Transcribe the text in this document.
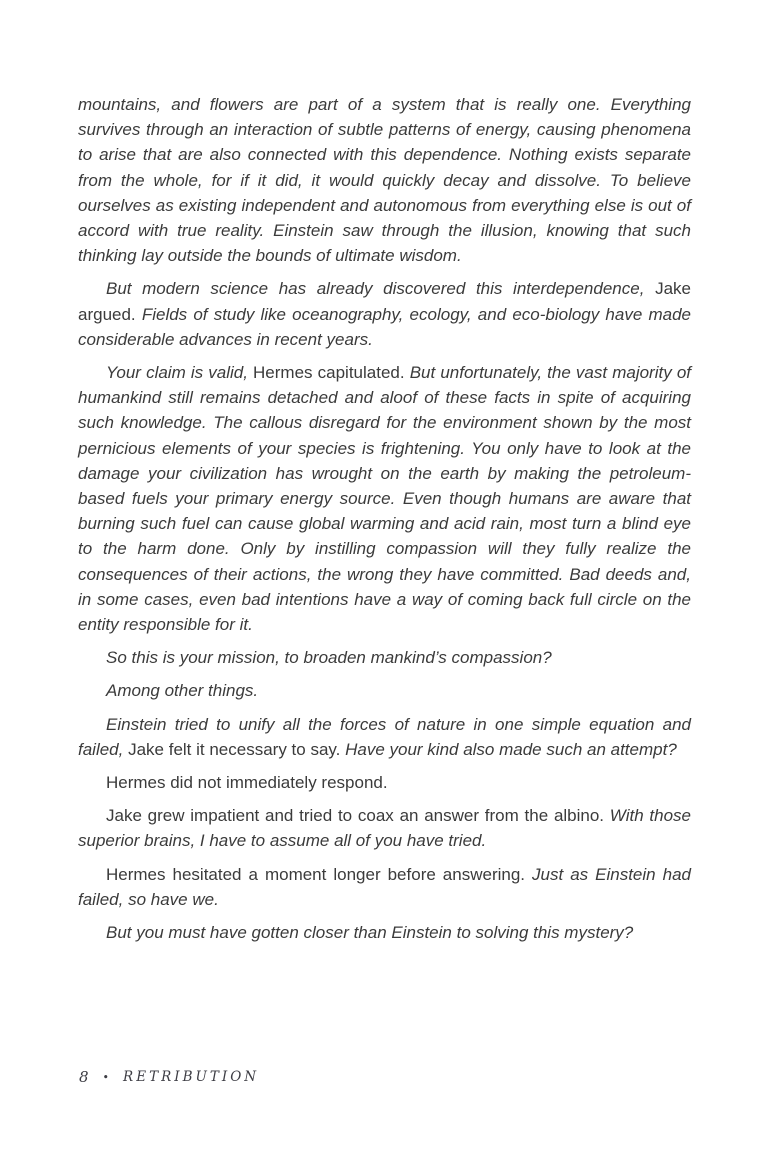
mountains, and flowers are part of a system that is really one. Everything survives through an interaction of subtle patterns of energy, causing phenomena to arise that are also connected with this dependence. Nothing exists separate from the whole, for if it did, it would quickly decay and dissolve. To believe ourselves as existing independent and autonomous from everything else is out of accord with true reality. Einstein saw through the illusion, knowing that such thinking lay outside the bounds of ultimate wisdom.

But modern science has already discovered this interdependence, Jake argued. Fields of study like oceanography, ecology, and eco-biology have made considerable advances in recent years.

Your claim is valid, Hermes capitulated. But unfortunately, the vast majority of humankind still remains detached and aloof of these facts in spite of acquiring such knowledge. The callous disregard for the environment shown by the most pernicious elements of your species is frightening. You only have to look at the damage your civilization has wrought on the earth by making the petroleum-based fuels your primary energy source. Even though humans are aware that burning such fuel can cause global warming and acid rain, most turn a blind eye to the harm done. Only by instilling compassion will they fully realize the consequences of their actions, the wrong they have committed. Bad deeds and, in some cases, even bad intentions have a way of coming back full circle on the entity responsible for it.

So this is your mission, to broaden mankind’s compassion?

Among other things.

Einstein tried to unify all the forces of nature in one simple equation and failed, Jake felt it necessary to say. Have your kind also made such an attempt?

Hermes did not immediately respond.

Jake grew impatient and tried to coax an answer from the albino. With those superior brains, I have to assume all of you have tried.

Hermes hesitated a moment longer before answering. Just as Einstein had failed, so have we.

But you must have gotten closer than Einstein to solving this mystery?

8 • RETRIBUTION
